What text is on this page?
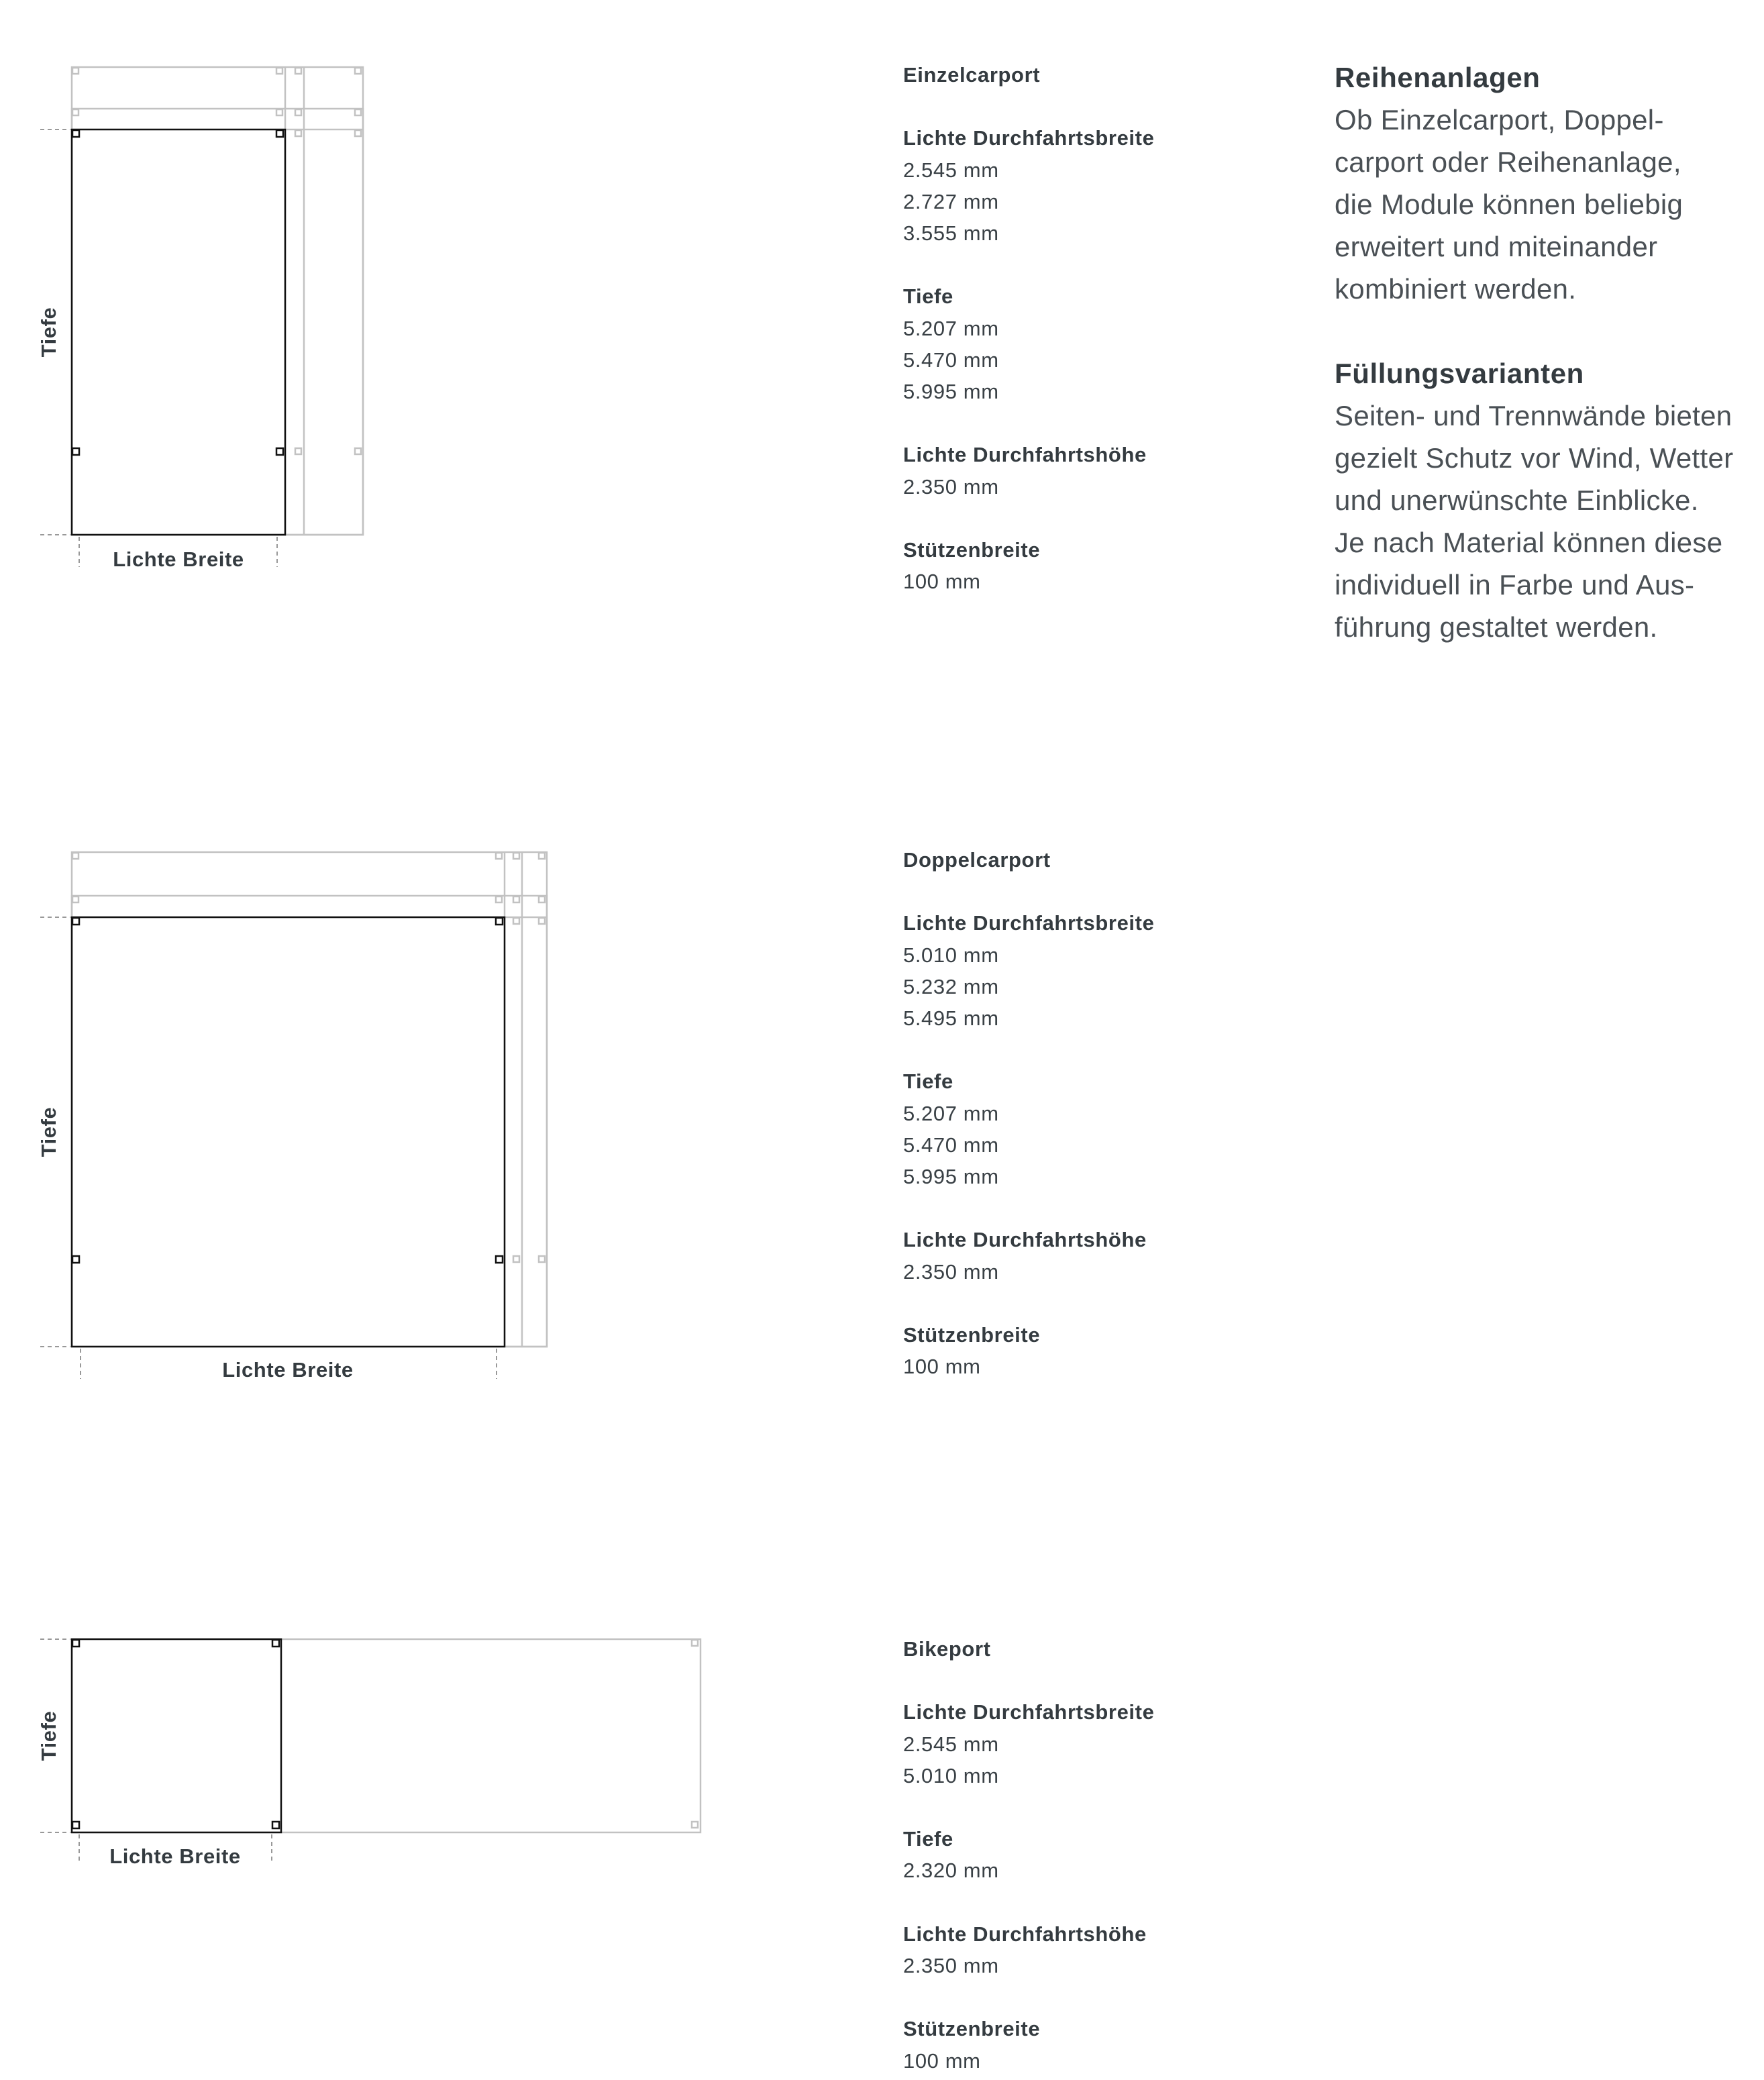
Tiefe
Lichte Breite
Tiefe
Lichte Breite
Tiefe
Lichte Breite
Einzelcarport
Lichte Durchfahrtsbreite
2.545 mm
2.727 mm
3.555 mm
Tiefe
5.207 mm
5.470 mm
5.995 mm
Lichte Durchfahrtshöhe
2.350 mm
Stützenbreite
100 mm
Doppelcarport
Lichte Durchfahrtsbreite
5.010 mm
5.232 mm
5.495 mm
Tiefe
5.207 mm
5.470 mm
5.995 mm
Lichte Durchfahrtshöhe
2.350 mm
Stützenbreite
100 mm
Bikeport
Lichte Durchfahrtsbreite
2.545 mm
5.010 mm
Tiefe
2.320 mm
Lichte Durchfahrtshöhe
2.350 mm
Stützenbreite
100 mm
Reihenanlagen

Ob Einzelcarport, Doppel-
carport oder Reihenanlage,
die Module können beliebig
erweitert und miteinander
kombiniert werden.

Füllungsvarianten

Seiten- und Trennwände bieten
gezielt Schutz vor Wind, Wetter
und unerwünschte Einblicke.
Je nach Material können diese
individuell in Farbe und Aus-
führung gestaltet werden.
